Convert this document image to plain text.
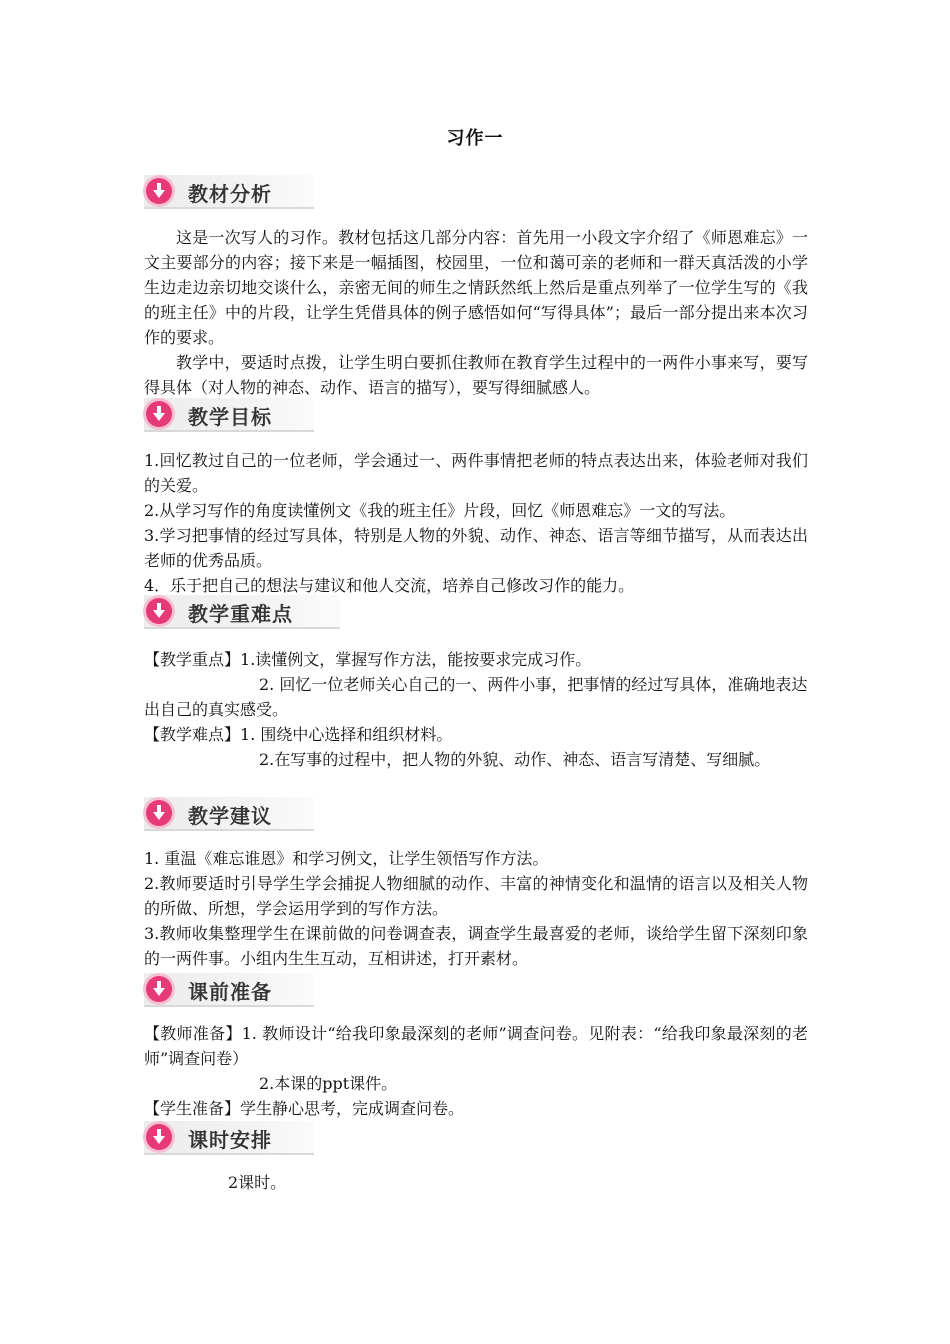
习作一
教材分析

这是一次写人的习作。教材包括这几部分内容：首先用一小段文字介绍了《师恩难忘》一文主要部分的内容；接下来是一幅插图，校园里，一位和蔼可亲的老师和一群天真活泼的小学生边走边亲切地交谈什么，亲密无间的师生之情跃然纸上然后是重点列举了一位学生写的《我的班主任》中的片段，让学生凭借具体的例子感悟如何“写得具体”；最后一部分提出来本次习作的要求。

教学中，要适时点拨，让学生明白要抓住教师在教育学生过程中的一两件小事来写，要写得具体（对人物的神态、动作、语言的描写），要写得细腻感人。

教学目标

1.回忆教过自己的一位老师，学会通过一、两件事情把老师的特点表达出来，体验老师对我们的关爱。

2.从学习写作的角度读懂例文《我的班主任》片段，回忆《师恩难忘》一文的写法。

3.学习把事情的经过写具体，特别是人物的外貌、动作、神态、语言等细节描写，从而表达出老师的优秀品质。

4．乐于把自己的想法与建议和他人交流，培养自己修改习作的能力。

教学重难点

【教学重点】1.读懂例文，掌握写作方法，能按要求完成习作。

2. 回忆一位老师关心自己的一、两件小事，把事情的经过写具体，准确地表达出自己的真实感受。

【教学难点】1. 围绕中心选择和组织材料。

2.在写事的过程中，把人物的外貌、动作、神态、语言写清楚、写细腻。

教学建议

1. 重温《难忘谁恩》和学习例文，让学生领悟写作方法。

2.教师要适时引导学生学会捕捉人物细腻的动作、丰富的神情变化和温情的语言以及相关人物的所做、所想，学会运用学到的写作方法。

3.教师收集整理学生在课前做的问卷调查表，调查学生最喜爱的老师，谈给学生留下深刻印象的一两件事。小组内生生互动，互相讲述，打开素材。

课前准备

【教师准备】1. 教师设计“给我印象最深刻的老师”调查问卷。见附表：“给我印象最深刻的老师”调查问卷）

2.本课的ppt课件。

【学生准备】学生静心思考，完成调查问卷。

课时安排

2课时。
